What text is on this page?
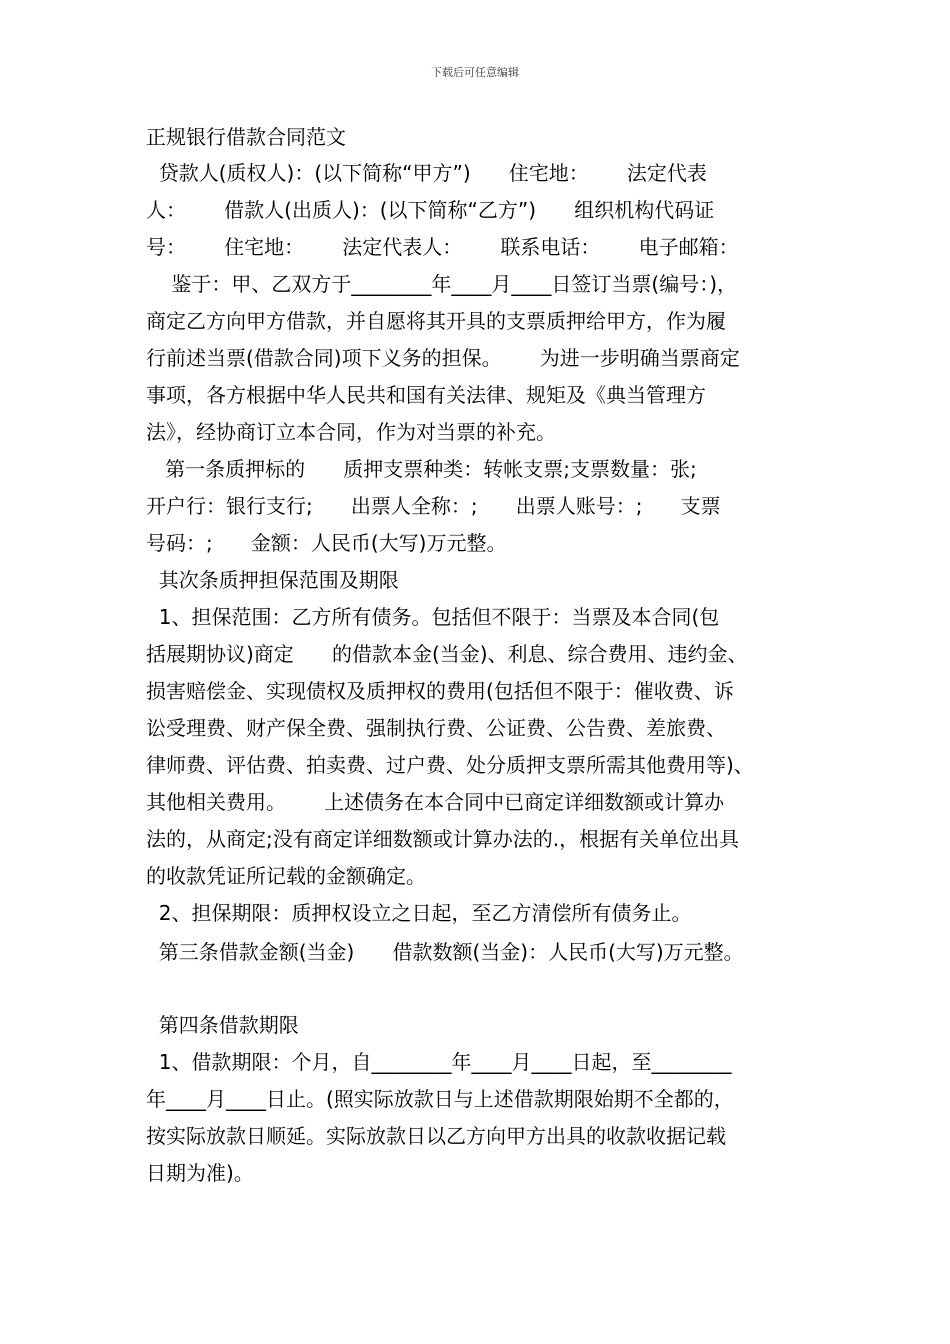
下载后可任意编辑
正规银行借款合同范文
贷款人(质权人)：(以下简称“甲方”)      住宅地：      法定代表
人：      借款人(出质人)：(以下简称“乙方”)      组织机构代码证
号：      住宅地：      法定代表人：      联系电话：      电子邮箱：
鉴于：甲、乙双方于________年____月____日签订当票(编号：)，
商定乙方向甲方借款，并自愿将其开具的支票质押给甲方，作为履
行前述当票(借款合同)项下义务的担保。      为进一步明确当票商定
事项，各方根据中华人民共和国有关法律、规矩及《典当管理方
法》，经协商订立本合同，作为对当票的补充。
第一条质押标的      质押支票种类：转帐支票;支票数量：张;
开户行：银行支行;      出票人全称：;      出票人账号：;      支票
号码：;      金额：人民币(大写)万元整。
其次条质押担保范围及期限
1、担保范围：乙方所有债务。包括但不限于：当票及本合同(包
括展期协议)商定      的借款本金(当金)、利息、综合费用、违约金、
损害赔偿金、实现债权及质押权的费用(包括但不限于：催收费、诉
讼受理费、财产保全费、强制执行费、公证费、公告费、差旅费、
律师费、评估费、拍卖费、过户费、处分质押支票所需其他费用等)、
其他相关费用。      上述债务在本合同中已商定详细数额或计算办
法的，从商定;没有商定详细数额或计算办法的.，根据有关单位出具
的收款凭证所记载的金额确定。
2、担保期限：质押权设立之日起，至乙方清偿所有债务止。
第三条借款金额(当金)      借款数额(当金)：人民币(大写)万元整。
第四条借款期限
1、借款期限：个月，自________年____月____日起，至________
年____月____日止。(照实际放款日与上述借款期限始期不全都的，
按实际放款日顺延。实际放款日以乙方向甲方出具的收款收据记载
日期为准)。
